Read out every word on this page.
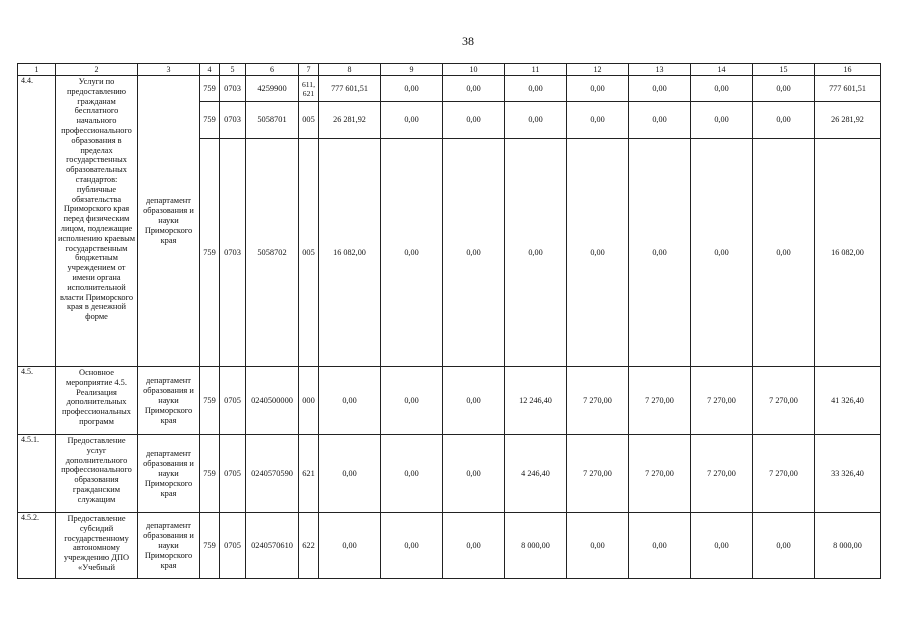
38
1	2	3	4	5	6	7	8	9	10	11	12	13	14	15	16
4.4.	Услуги по предоставлению гражданам бесплатного начального профессионального образования в пределах государственных образовательных стандартов: публичные обязательства Приморского края перед физическим лицом, подлежащие исполнению краевым государственным бюджетным учреждением от имени органа исполнительной власти Приморского края в денежной форме	департамент образования и науки Приморского края	759	0703	4259900	611, 621	777 601,51	0,00	0,00	0,00	0,00	0,00	0,00	0,00	777 601,51
			759	0703	5058701	005	26 281,92	0,00	0,00	0,00	0,00	0,00	0,00	0,00	26 281,92
			759	0703	5058702	005	16 082,00	0,00	0,00	0,00	0,00	0,00	0,00	0,00	16 082,00
4.5.	Основное мероприятие 4.5. Реализация дополнительных профессиональных программ	департамент образования и науки Приморского края	759	0705	0240500000	000	0,00	0,00	0,00	12 246,40	7 270,00	7 270,00	7 270,00	7 270,00	41 326,40
4.5.1.	Предоставление услуг дополнительного профессионального образования гражданским служащим	департамент образования и науки Приморского края	759	0705	0240570590	621	0,00	0,00	0,00	4 246,40	7 270,00	7 270,00	7 270,00	7 270,00	33 326,40
4.5.2.	Предоставление субсидий государственному автономному учреждению ДПО «Учебный	департамент образования и науки Приморского края	759	0705	0240570610	622	0,00	0,00	0,00	8 000,00	0,00	0,00	0,00	0,00	8 000,00
